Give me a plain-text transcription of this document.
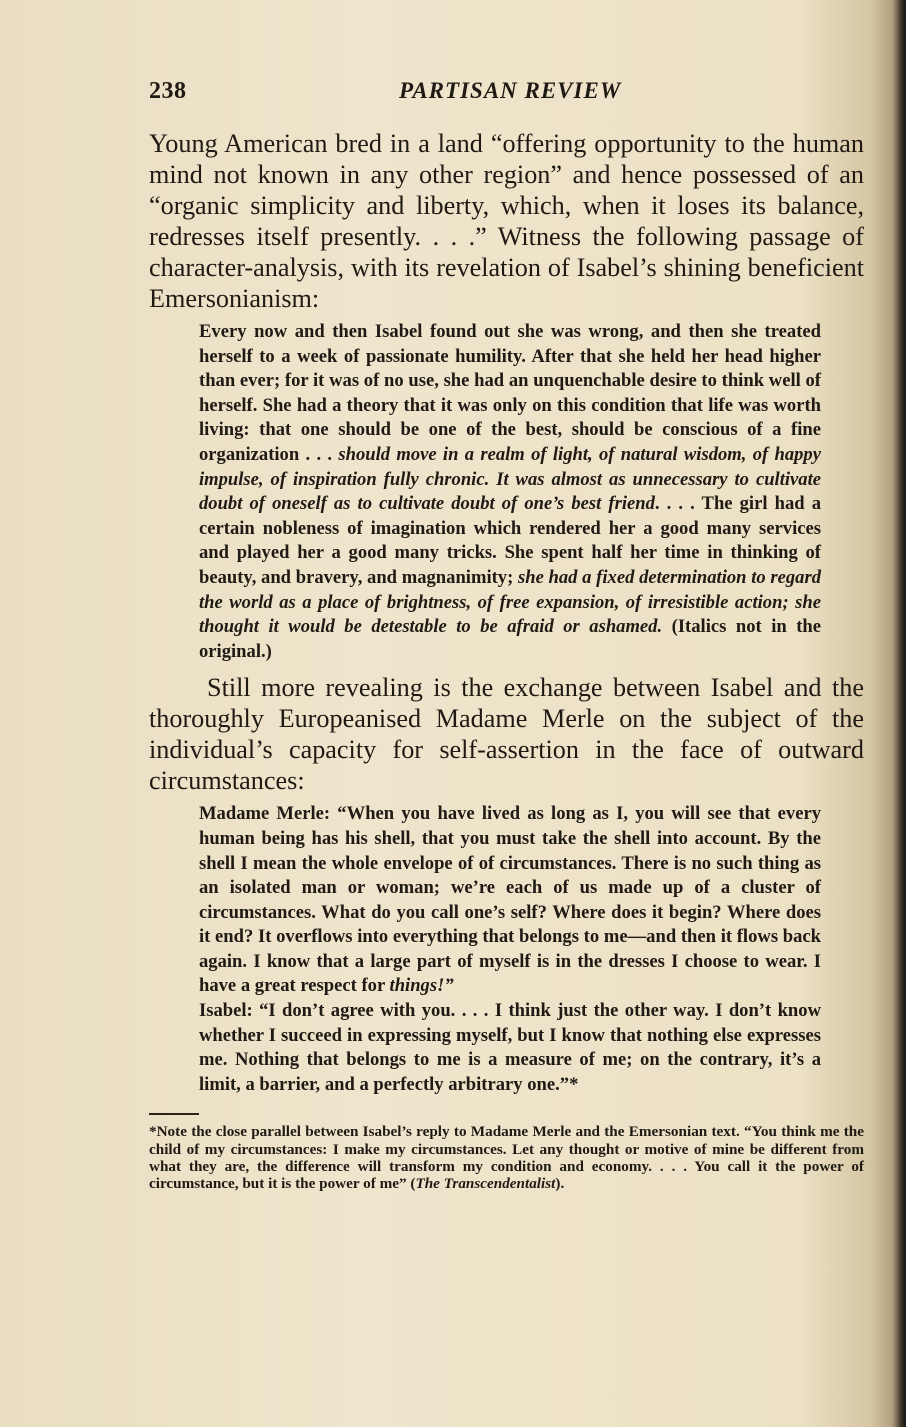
238	PARTISAN REVIEW

Young American bred in a land “offering opportunity to the human mind not known in any other region” and hence possessed of an “organic simplicity and liberty, which, when it loses its balance, redresses itself presently. . . .” Witness the following passage of character-analysis, with its revelation of Isabel’s shining beneficient Emersonianism:

Every now and then Isabel found out she was wrong, and then she treated herself to a week of passionate humility. After that she held her head higher than ever; for it was of no use, she had an unquenchable desire to think well of herself. She had a theory that it was only on this condition that life was worth living: that one should be one of the best, should be conscious of a fine organization . . . should move in a realm of light, of natural wisdom, of happy impulse, of inspiration fully chronic. It was almost as unnecessary to cultivate doubt of oneself as to cultivate doubt of one’s best friend. . . . The girl had a certain nobleness of imagination which rendered her a good many services and played her a good many tricks. She spent half her time in thinking of beauty, and bravery, and magnanimity; she had a fixed determination to regard the world as a place of brightness, of free expansion, of irresistible action; she thought it would be detestable to be afraid or ashamed. (Italics not in the original.)

Still more revealing is the exchange between Isabel and the thoroughly Europeanised Madame Merle on the subject of the individual’s capacity for self-assertion in the face of outward circumstances:

Madame Merle: “When you have lived as long as I, you will see that every human being has his shell, that you must take the shell into account. By the shell I mean the whole envelope of of circumstances. There is no such thing as an isolated man or woman; we’re each of us made up of a cluster of circumstances. What do you call one’s self? Where does it begin? Where does it end? It overflows into everything that belongs to me—and then it flows back again. I know that a large part of myself is in the dresses I choose to wear. I have a great respect for things!”

Isabel: “I don’t agree with you. . . . I think just the other way. I don’t know whether I succeed in expressing myself, but I know that nothing else expresses me. Nothing that belongs to me is a measure of me; on the contrary, it’s a limit, a barrier, and a perfectly arbitrary one.”*

*Note the close parallel between Isabel’s reply to Madame Merle and the Emersonian text. “You think me the child of my circumstances: I make my circumstances. Let any thought or motive of mine be different from what they are, the difference will transform my condition and economy. . . . You call it the power of circumstance, but it is the power of me” (The Transcendentalist).
